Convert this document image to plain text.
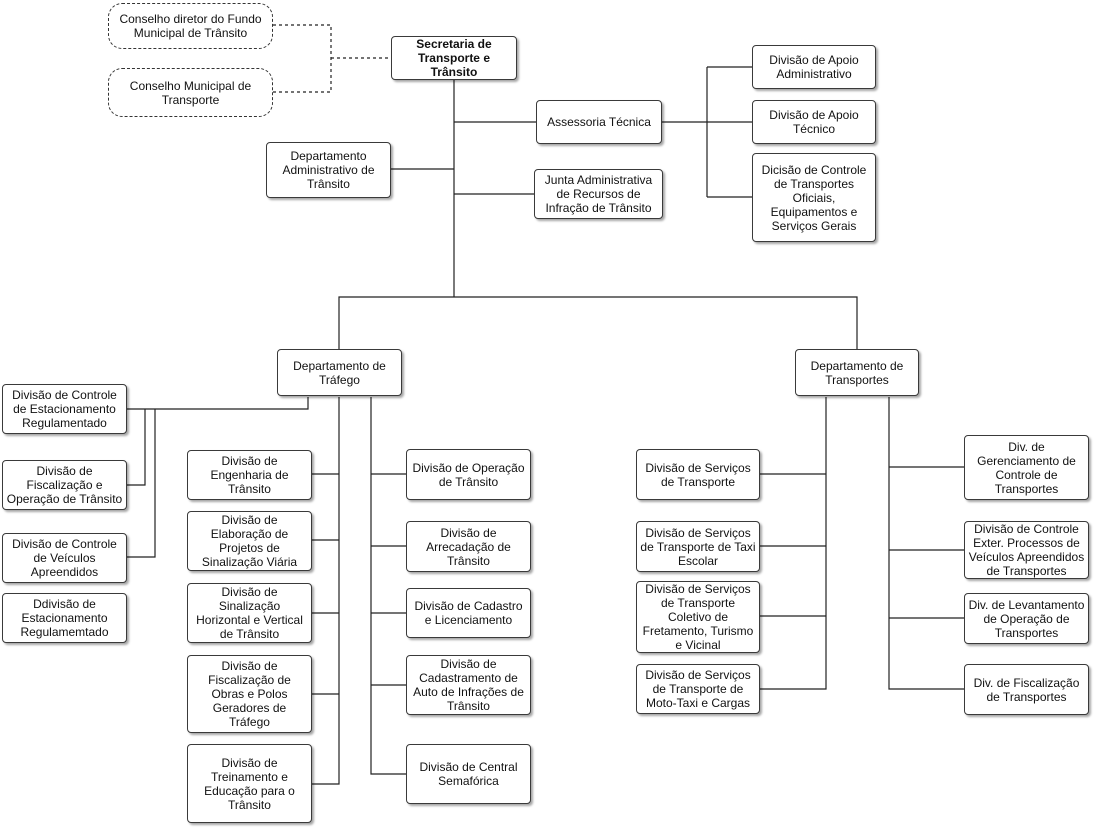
Conselho diretor do Fundo
Municipal de Trânsito
Conselho Municipal de
Transporte
Secretaria de
Transporte e
Trânsito
Departamento
Administrativo de
Trânsito
Assessoria Técnica
Junta Administrativa
de Recursos de
Infração de Trânsito
Divisão de Apoio
Administrativo
Divisão de Apoio
Técnico
Dicisão de Controle
de Transportes
Oficiais,
Equipamentos e
Serviços Gerais
Departamento de
Tráfego
Departamento de
Transportes
Divisão de Controle
de Estacionamento
Regulamentado
Divisão de
Fiscalização e
Operação de Trânsito
Divisão de Controle
de Veículos
Apreendidos
Ddivisão de
Estacionamento
Regulamemtado
Divisão de
Engenharia de
Trânsito
Divisão de
Elaboração de
Projetos de
Sinalização Viária
Divisão de
Sinalização
Horizontal e Vertical
de Trânsito
Divisão de
Fiscalização de
Obras e Polos
Geradores de
Tráfego
Divisão de
Treinamento e
Educação para o
Trânsito
Divisão de Operação
de Trânsito
Divisão de
Arrecadação de
Trânsito
Divisão de Cadastro
e Licenciamento
Divisão de
Cadastramento de
Auto de Infrações de
Trânsito
Divisão de Central
Semafórica
Divisão de Serviços
de Transporte
Divisão de Serviços
de Transporte de Taxi
Escolar
Divisão de Serviços
de Transporte
Coletivo de
Fretamento, Turismo
e Vicinal
Divisão de Serviços
de Transporte de
Moto-Taxi e Cargas
Div. de
Gerenciamento de
Controle de
Transportes
Divisão de Controle
Exter. Processos de
Veículos Apreendidos
de Transportes
Div. de Levantamento
de Operação de
Transportes
Div. de Fiscalização
de Transportes
